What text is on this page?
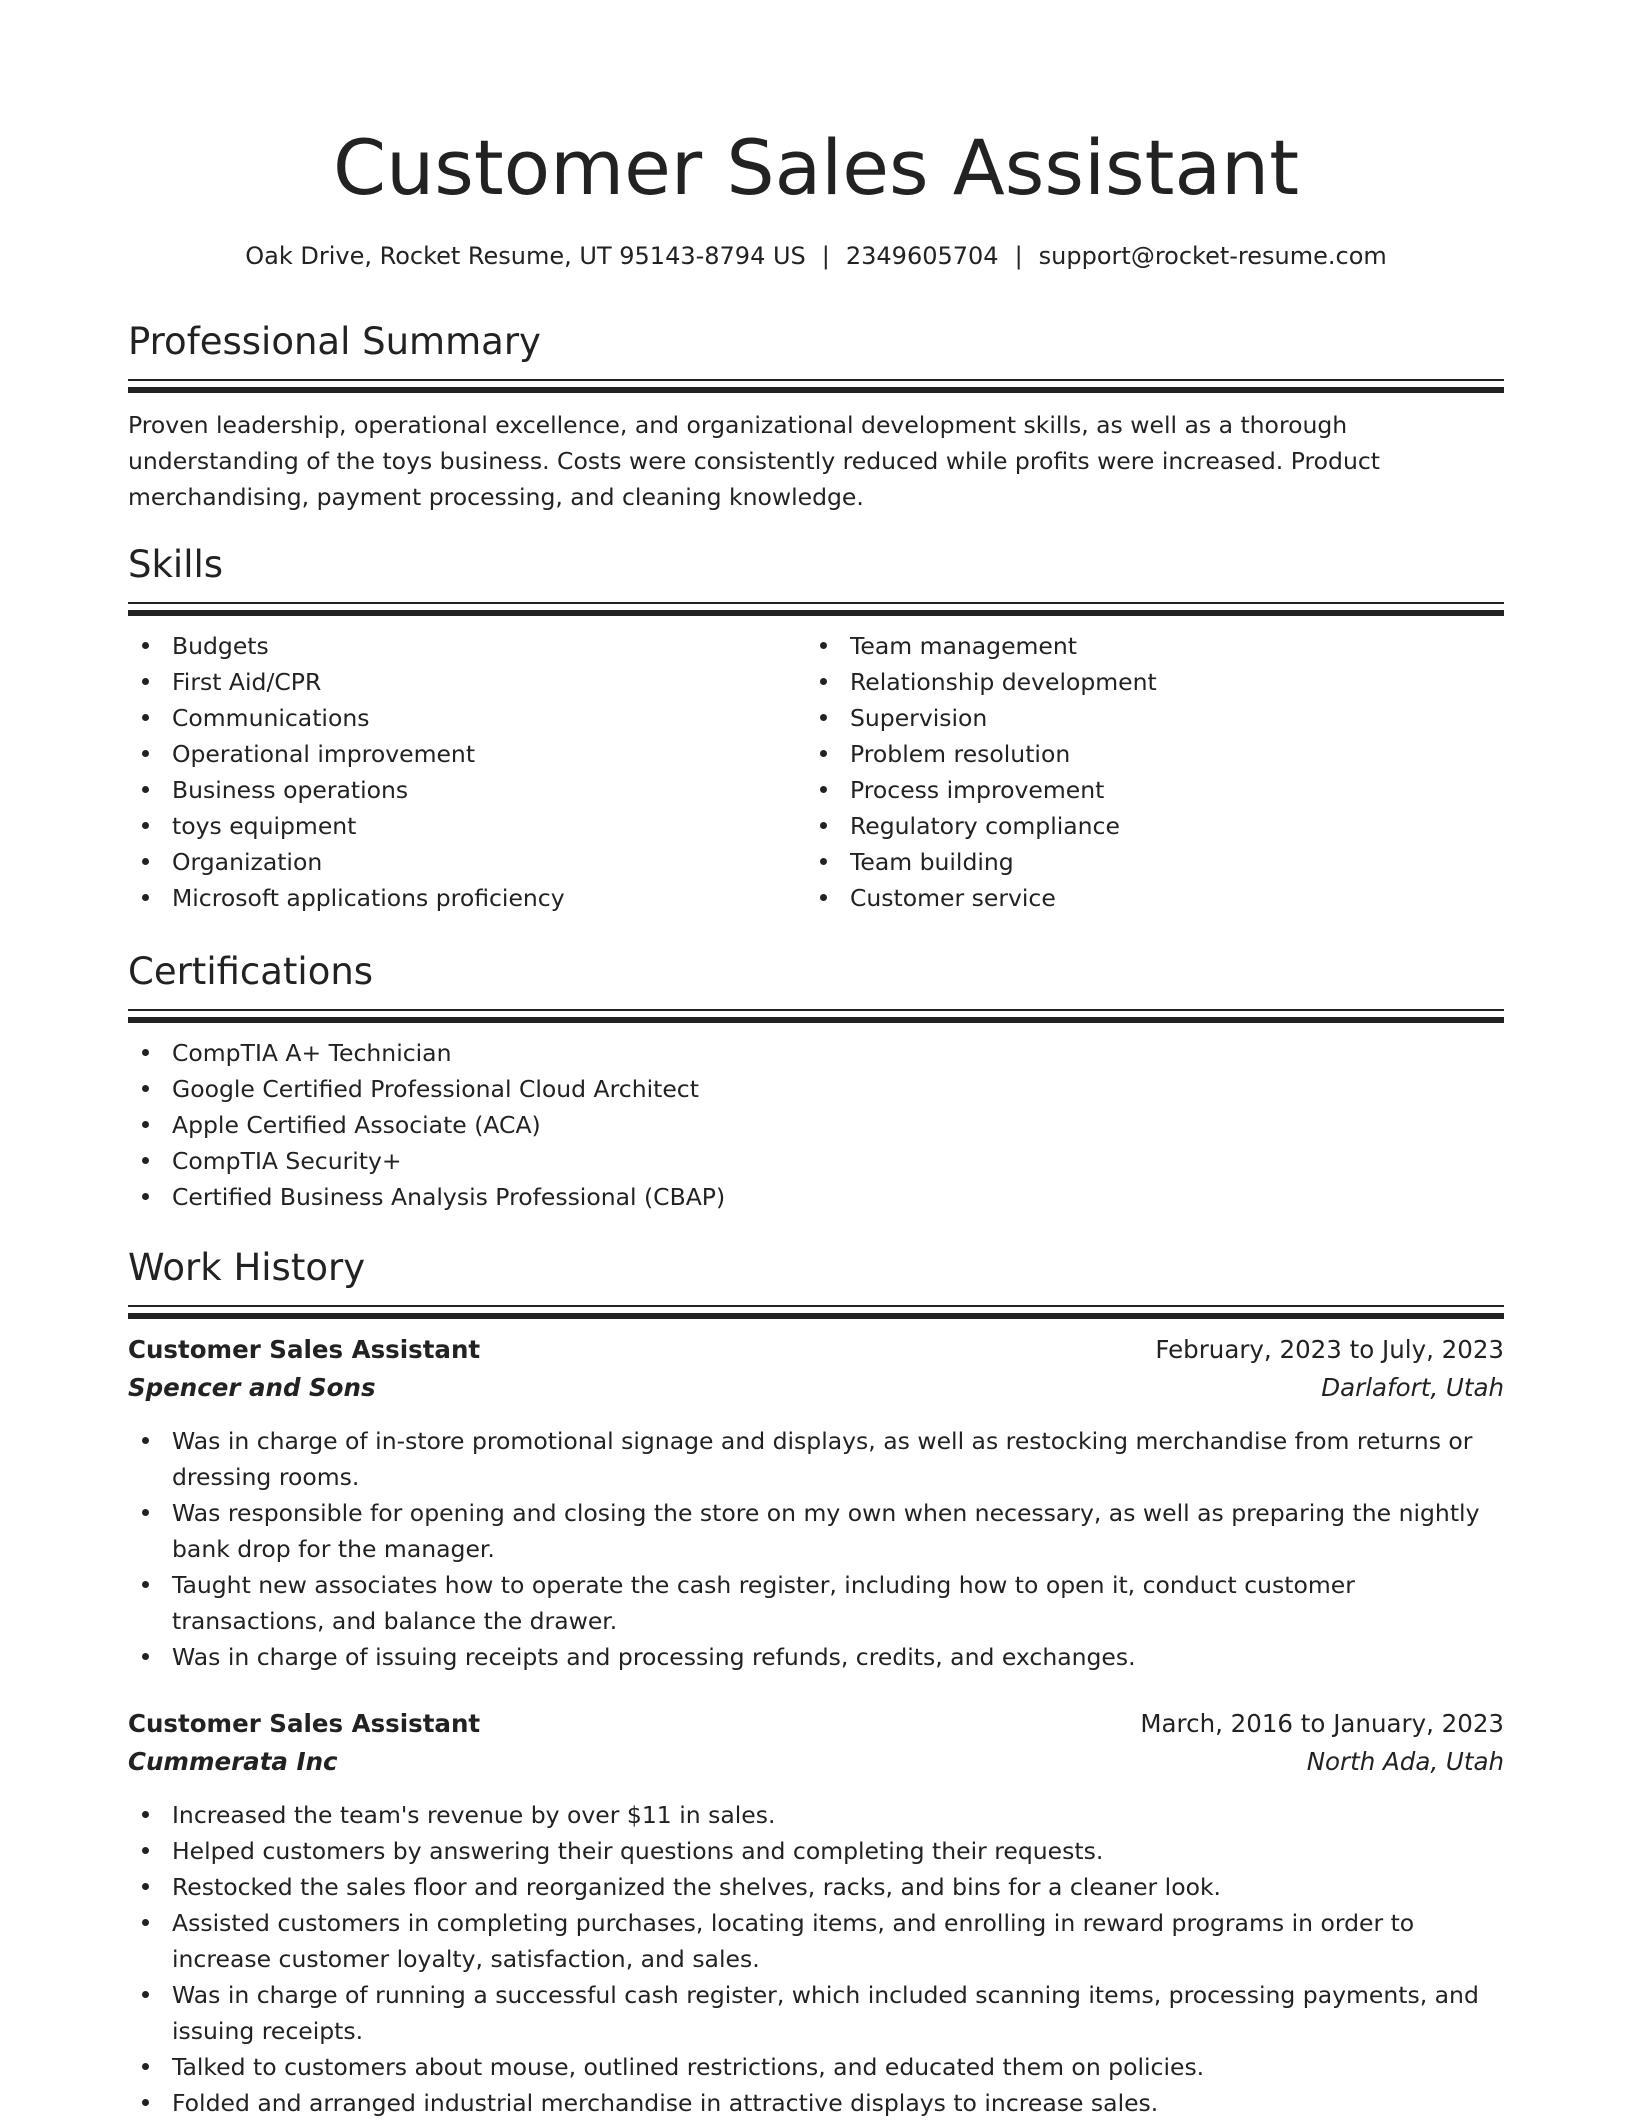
Customer Sales Assistant
Oak Drive, Rocket Resume, UT 95143-8794 US | 2349605704 | support@rocket-resume.com
Professional Summary

Proven leadership, operational excellence, and organizational development skills, as well as a thorough understanding of the toys business. Costs were consistently reduced while profits were increased. Product merchandising, payment processing, and cleaning knowledge.

Skills
Budgets
First Aid/CPR
Communications
Operational improvement
Business operations
toys equipment
Organization
Microsoft applications proficiency
Team management
Relationship development
Supervision
Problem resolution
Process improvement
Regulatory compliance
Team building
Customer service
Certifications
CompTIA A+ Technician
Google Certified Professional Cloud Architect
Apple Certified Associate (ACA)
CompTIA Security+
Certified Business Analysis Professional (CBAP)
Work History
Customer Sales Assistant	February, 2023 to July, 2023
Spencer and Sons	Darlafort, Utah
Was in charge of in-store promotional signage and displays, as well as restocking merchandise from returns or dressing rooms.
Was responsible for opening and closing the store on my own when necessary, as well as preparing the nightly bank drop for the manager.
Taught new associates how to operate the cash register, including how to open it, conduct customer transactions, and balance the drawer.
Was in charge of issuing receipts and processing refunds, credits, and exchanges.
Customer Sales Assistant	March, 2016 to January, 2023
Cummerata Inc	North Ada, Utah
Increased the team's revenue by over $11 in sales.
Helped customers by answering their questions and completing their requests.
Restocked the sales floor and reorganized the shelves, racks, and bins for a cleaner look.
Assisted customers in completing purchases, locating items, and enrolling in reward programs in order to increase customer loyalty, satisfaction, and sales.
Was in charge of running a successful cash register, which included scanning items, processing payments, and issuing receipts.
Talked to customers about mouse, outlined restrictions, and educated them on policies.
Folded and arranged industrial merchandise in attractive displays to increase sales.
